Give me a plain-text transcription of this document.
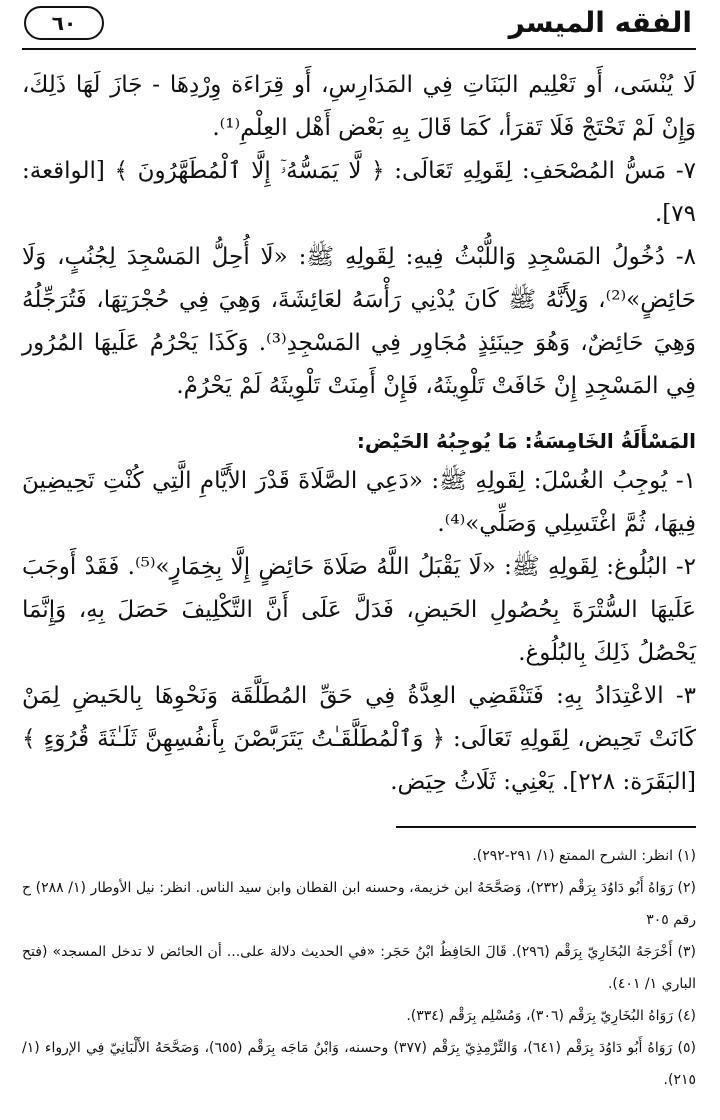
الفقه الميسر
٦٠

لَا يُنْسَى، أَو تَعْلِيم البَنَاتِ فِي المَدَارِسِ، أَو قِرَاءَة وِرْدِهَا - جَازَ لَهَا ذَلِكَ، وَإِنْ لَمْ تَحْتَجْ فَلَا تَقرَأ، كَمَا قَالَ بِهِ بَعْض أَهْل العِلْمِ⁽¹⁾.

٧- مَسُّ المُصْحَفِ: لِقَولِهِ تَعَالَى: ﴿ لَّا يَمَسُّهُۥٓ إِلَّا ٱلْمُطَهَّرُونَ ﴾ [الواقعة: ٧٩].

٨- دُخُولُ المَسْجِدِ وَاللُّبْثُ فِيهِ: لِقَولِهِ ﷺ: «لَا أُحِلُّ المَسْجِدَ لِجُنُبٍ، وَلَا حَائِضٍ»⁽²⁾، وَلِأَنَّهُ ﷺ كَانَ يُدْنِي رَأْسَهُ لعَائِشَةَ، وَهِيَ فِي حُجْرَتِهَا، فَتُرَجِّلُهُ وَهِيَ حَائِضٌ، وَهُوَ حِينَئِذٍ مُجَاوِر فِي المَسْجِدِ⁽³⁾. وَكَذَا يَحْرُمُ عَلَيهَا المُرُور فِي المَسْجِدِ إِنْ خَافَتْ تَلْوِيثَهُ، فَإِنْ أَمِنَتْ تَلْوِيثَهُ لَمْ يَحْرُمْ.

المَسْأَلَةُ الخَامِسَةُ: مَا يُوجِبُهُ الحَيْض:

١- يُوجِبُ الغُسْلَ: لِقَولِهِ ﷺ: «دَعِي الصَّلَاةَ قَدْرَ الأَيَّامِ الَّتِي كُنْتِ تَحِيضِينَ فِيهَا، ثُمَّ اغْتَسِلِي وَصَلِّي»⁽⁴⁾.

٢- البُلُوغ: لِقَولِهِ ﷺ: «لَا يَقْبَلُ اللَّهُ صَلَاةَ حَائِضٍ إِلَّا بِخِمَارٍ»⁽⁵⁾. فَقَدْ أَوجَبَ عَلَيهَا السُّتْرَةَ بِحُصُولِ الحَيضِ، فَدَلَّ عَلَى أَنَّ التَّكْلِيفَ حَصَلَ بِهِ، وَإِنَّمَا يَحْصُلُ ذَلِكَ بِالبُلُوغ.

٣- الاعْتِدَادُ بِهِ: فَتَنْقَضِي العِدَّةُ فِي حَقِّ المُطَلَّقَة وَنَحْوِهَا بِالحَيضِ لِمَنْ كَانَتْ تَحِيض، لِقَولِهِ تَعَالَى: ﴿ وَٱلْمُطَلَّقَـٰتُ يَتَرَبَّصْنَ بِأَنفُسِهِنَّ ثَلَـٰثَةَ قُرُوٓءٍ ﴾ [البَقَرَة: ٢٢٨]. يَعْنِي: ثَلَاثُ حِيَض.

(١) انظر: الشرح الممتع (١/ ٢٩١-٢٩٢).

(٢) رَوَاهُ أَبُو دَاوُدَ بِرَقْم (٢٣٢)، وَصَحَّحَهُ ابن خزيمة، وحسنه ابن القطان وابن سيد الناس. انظر: نيل الأوطار (١/ ٢٨٨) ح رقم ٣٠٥

(٣) أَخْرَجَهُ البُخَارِيّ بِرَقْم (٢٩٦). قَالَ الحَافِظُ ابْنُ حَجَر: «في الحديث دلالة على... أن الحائض لا تدخل المسجد» (فتح الباري ١/ ٤٠١).

(٤) رَوَاهُ البُخَارِيّ بِرَقْم (٣٠٦)، وَمُسْلِم بِرَقْم (٣٣٤).

(٥) رَوَاهُ أَبُو دَاوُدَ بِرَقْم (٦٤١)، وَالتِّرْمِذِيّ بِرَقْم (٣٧٧) وحسنه، وَابْنُ مَاجَه بِرَقْم (٦٥٥)، وَصَحَّحَهُ الأَلْبَانِيّ فِي الإرواء (١/ ٢١٥).
